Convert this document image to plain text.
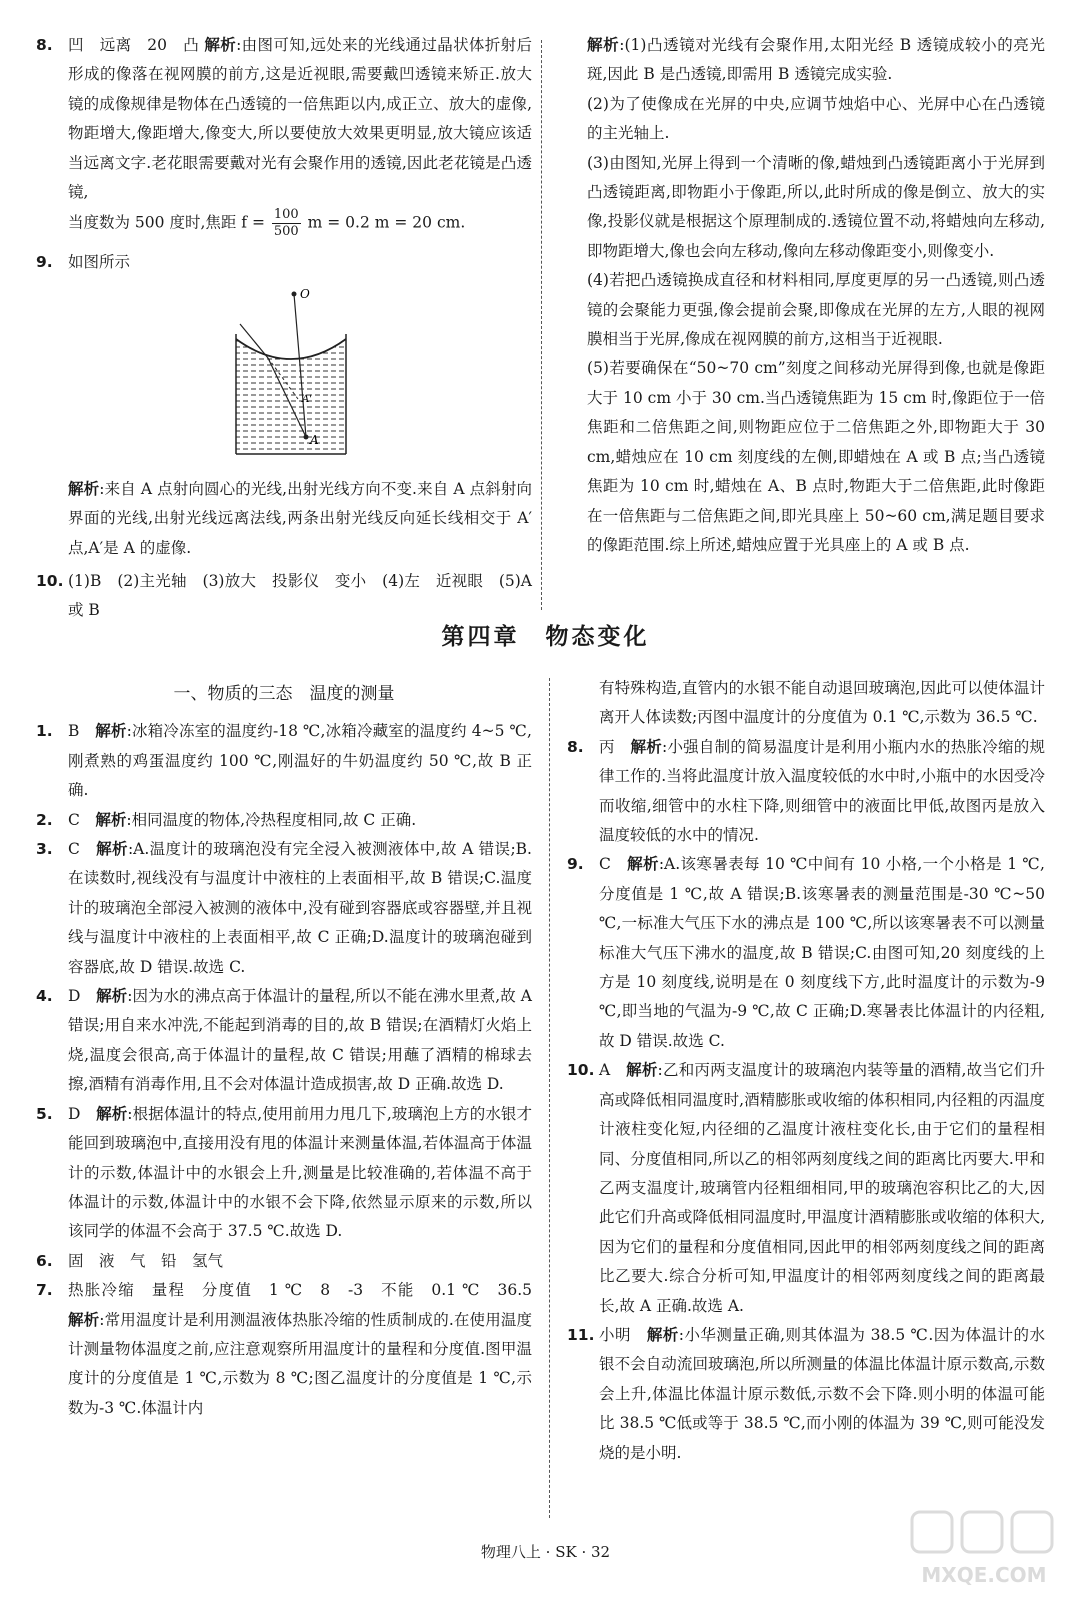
8. 凹　远离　20　凸 解析:由图可知,远处来的光线通过晶状体折射后形成的像落在视网膜的前方,这是近视眼,需要戴凹透镜来矫正.放大镜的成像规律是物体在凸透镜的一倍焦距以内,成正立、放大的虚像,物距增大,像距增大,像变大,所以要使放大效果更明显,放大镜应该适当远离文字.老花眼需要戴对光有会聚作用的透镜,因此老花镜是凸透镜,
当度数为 500 度时,焦距 $f = \frac{100}{500}$ m = 0.2 m = 20 cm.
9. 如图所示
O
A
A'

解析:来自 A 点射向圆心的光线,出射光线方向不变.来自 A 点斜射向界面的光线,出射光线远离法线,两条出射光线反向延长线相交于 A′点,A′是 A 的虚像.

10. (1)B　(2)主光轴　(3)放大　投影仪　变小　(4)左　近视眼　(5)A 或 B

解析:(1)凸透镜对光线有会聚作用,太阳光经 B 透镜成较小的亮光斑,因此 B 是凸透镜,即需用 B 透镜完成实验.

(2)为了使像成在光屏的中央,应调节烛焰中心、光屏中心在凸透镜的主光轴上.

(3)由图知,光屏上得到一个清晰的像,蜡烛到凸透镜距离小于光屏到凸透镜距离,即物距小于像距,所以,此时所成的像是倒立、放大的实像,投影仪就是根据这个原理制成的.透镜位置不动,将蜡烛向左移动,即物距增大,像也会向左移动,像向左移动像距变小,则像变小.

(4)若把凸透镜换成直径和材料相同,厚度更厚的另一凸透镜,则凸透镜的会聚能力更强,像会提前会聚,即像成在光屏的左方,人眼的视网膜相当于光屏,像成在视网膜的前方,这相当于近视眼.

(5)若要确保在“50~70 cm”刻度之间移动光屏得到像,也就是像距大于 10 cm 小于 30 cm.当凸透镜焦距为 15 cm 时,像距位于一倍焦距和二倍焦距之间,则物距应位于二倍焦距之外,即物距大于 30 cm,蜡烛应在 10 cm 刻度线的左侧,即蜡烛在 A 或 B 点;当凸透镜焦距为 10 cm 时,蜡烛在 A、B 点时,物距大于二倍焦距,此时像距在一倍焦距与二倍焦距之间,即光具座上 50~60 cm,满足题目要求的像距范围.综上所述,蜡烛应置于光具座上的 A 或 B 点.

第四章　物态变化
一、物质的三态　温度的测量
1. B　 解析:冰箱冷冻室的温度约-18 ℃,冰箱冷藏室的温度约 4~5 ℃,刚煮熟的鸡蛋温度约 100 ℃,刚温好的牛奶温度约 50 ℃,故 B 正确.
2. C　 解析:相同温度的物体,冷热程度相同,故 C 正确.
3. C　 解析:A.温度计的玻璃泡没有完全浸入被测液体中,故 A 错误;B.在读数时,视线没有与温度计中液柱的上表面相平,故 B 错误;C.温度计的玻璃泡全部浸入被测的液体中,没有碰到容器底或容器壁,并且视线与温度计中液柱的上表面相平,故 C 正确;D.温度计的玻璃泡碰到容器底,故 D 错误.故选 C.
4. D　 解析:因为水的沸点高于体温计的量程,所以不能在沸水里煮,故 A 错误;用自来水冲洗,不能起到消毒的目的,故 B 错误;在酒精灯火焰上烧,温度会很高,高于体温计的量程,故 C 错误;用蘸了酒精的棉球去擦,酒精有消毒作用,且不会对体温计造成损害,故 D 正确.故选 D.
5. D　 解析:根据体温计的特点,使用前用力甩几下,玻璃泡上方的水银才能回到玻璃泡中,直接用没有甩的体温计来测量体温,若体温高于体温计的示数,体温计中的水银会上升,测量是比较准确的,若体温不高于体温计的示数,体温计中的水银不会下降,依然显示原来的示数,所以该同学的体温不会高于 37.5 ℃.故选 D.
6. 固　液　气　铅　氢气
7. 热胀冷缩　量程　分度值　1 ℃　8　-3　不能　0.1 ℃　36.5　解析:常用温度计是利用测温液体热胀冷缩的性质制成的.在使用温度计测量物体温度之前,应注意观察所用温度计的量程和分度值.图甲温度计的分度值是 1 ℃,示数为 8 ℃;图乙温度计的分度值是 1 ℃,示数为-3 ℃.体温计内

有特殊构造,直管内的水银不能自动退回玻璃泡,因此可以使体温计离开人体读数;丙图中温度计的分度值为 0.1 ℃,示数为 36.5 ℃.

8. 丙　 解析:小强自制的简易温度计是利用小瓶内水的热胀冷缩的规律工作的.当将此温度计放入温度较低的水中时,小瓶中的水因受冷而收缩,细管中的水柱下降,则细管中的液面比甲低,故图丙是放入温度较低的水中的情况.
9. C　 解析:A.该寒暑表每 10 ℃中间有 10 小格,一个小格是 1 ℃,分度值是 1 ℃,故 A 错误;B.该寒暑表的测量范围是-30 ℃~50 ℃,一标准大气压下水的沸点是 100 ℃,所以该寒暑表不可以测量标准大气压下沸水的温度,故 B 错误;C.由图可知,20 刻度线的上方是 10 刻度线,说明是在 0 刻度线下方,此时温度计的示数为-9 ℃,即当地的气温为-9 ℃,故 C 正确;D.寒暑表比体温计的内径粗,故 D 错误.故选 C.
10. A　 解析:乙和丙两支温度计的玻璃泡内装等量的酒精,故当它们升高或降低相同温度时,酒精膨胀或收缩的体积相同,内径粗的丙温度计液柱变化短,内径细的乙温度计液柱变化长,由于它们的量程相同、分度值相同,所以乙的相邻两刻度线之间的距离比丙要大.甲和乙两支温度计,玻璃管内径粗细相同,甲的玻璃泡容积比乙的大,因此它们升高或降低相同温度时,甲温度计酒精膨胀或收缩的体积大,因为它们的量程和分度值相同,因此甲的相邻两刻度线之间的距离比乙要大.综合分析可知,甲温度计的相邻两刻度线之间的距离最长,故 A 正确.故选 A.
11. 小明　 解析:小华测量正确,则其体温为 38.5 ℃.因为体温计的水银不会自动流回玻璃泡,所以所测量的体温比体温计原示数高,示数会上升,体温比体温计原示数低,示数不会下降.则小明的体温可能比 38.5 ℃低或等于 38.5 ℃,而小刚的体温为 39 ℃,则可能没发烧的是小明.
物理八上 · SK · 32
MXQE.COM
